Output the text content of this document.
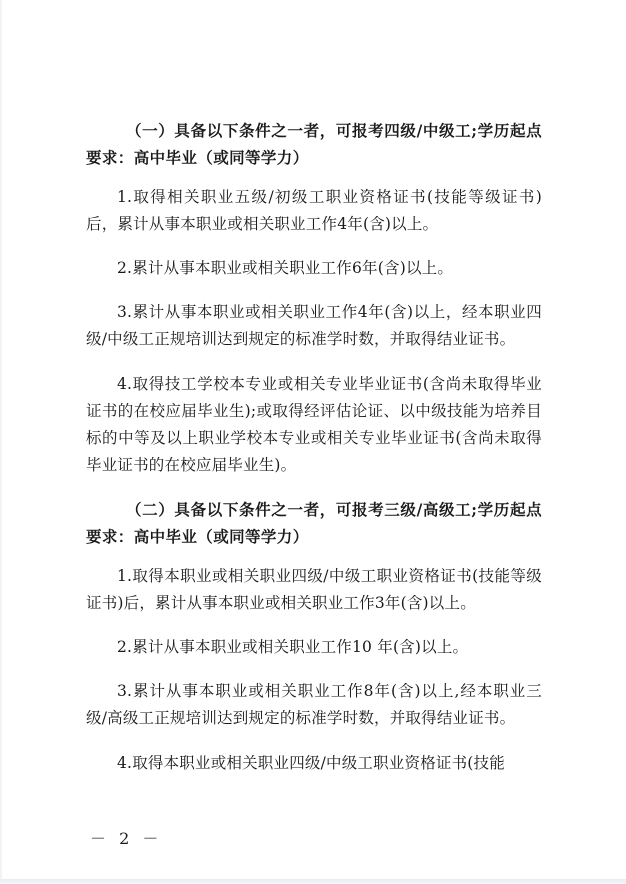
（一）具备以下条件之一者，可报考四级/中级工;学历起点要求：高中毕业（或同等学力）

1.取得相关职业五级/初级工职业资格证书(技能等级证书)后，累计从事本职业或相关职业工作4年(含)以上。

2.累计从事本职业或相关职业工作6年(含)以上。

3.累计从事本职业或相关职业工作4年(含)以上，经本职业四级/中级工正规培训达到规定的标准学时数，并取得结业证书。

4.取得技工学校本专业或相关专业毕业证书(含尚未取得毕业证书的在校应届毕业生);或取得经评估论证、以中级技能为培养目标的中等及以上职业学校本专业或相关专业毕业证书(含尚未取得毕业证书的在校应届毕业生)。

（二）具备以下条件之一者，可报考三级/高级工;学历起点要求：高中毕业（或同等学力）

1.取得本职业或相关职业四级/中级工职业资格证书(技能等级证书)后，累计从事本职业或相关职业工作3年(含)以上。

2.累计从事本职业或相关职业工作10 年(含)以上。

3.累计从事本职业或相关职业工作8年(含)以上,经本职业三级/高级工正规培训达到规定的标准学时数，并取得结业证书。

4.取得本职业或相关职业四级/中级工职业资格证书(技能

－ 2 －
